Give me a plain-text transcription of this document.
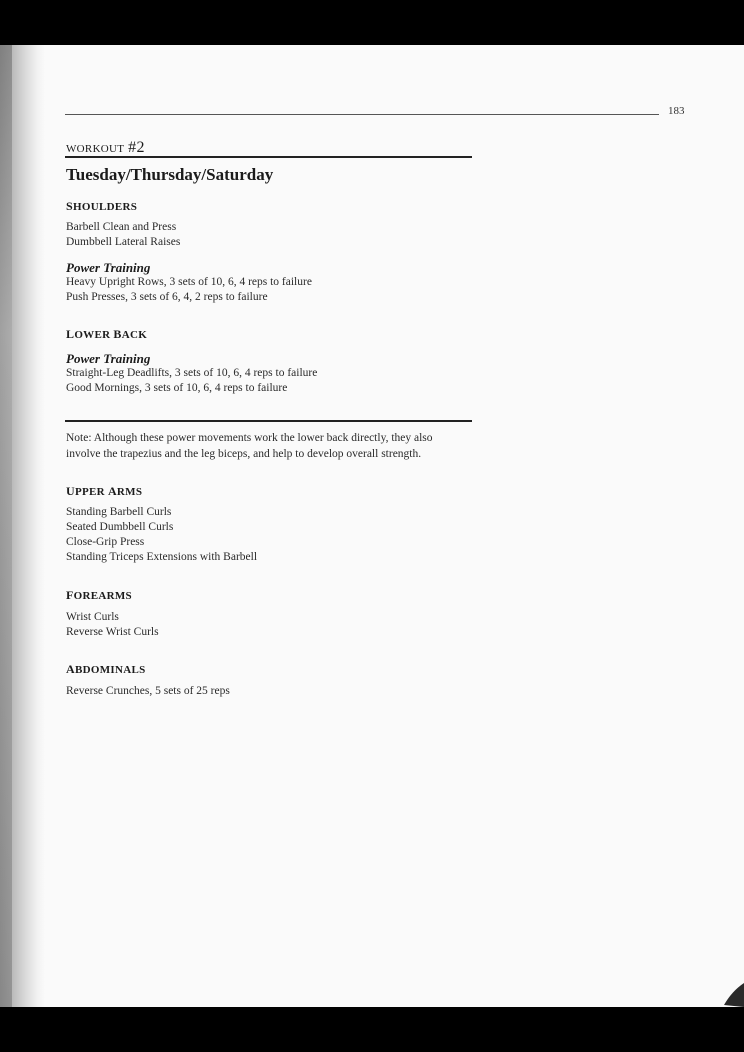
183
WORKOUT #2
Tuesday/Thursday/Saturday
SHOULDERS
Barbell Clean and Press
Dumbbell Lateral Raises
Power Training
Heavy Upright Rows, 3 sets of 10, 6, 4 reps to failure
Push Presses, 3 sets of 6, 4, 2 reps to failure
LOWER BACK
Power Training
Straight-Leg Deadlifts, 3 sets of 10, 6, 4 reps to failure
Good Mornings, 3 sets of 10, 6, 4 reps to failure
Note: Although these power movements work the lower back directly, they also
involve the trapezius and the leg biceps, and help to develop overall strength.
UPPER ARMS
Standing Barbell Curls
Seated Dumbbell Curls
Close-Grip Press
Standing Triceps Extensions with Barbell
FOREARMS
Wrist Curls
Reverse Wrist Curls
ABDOMINALS
Reverse Crunches, 5 sets of 25 reps
